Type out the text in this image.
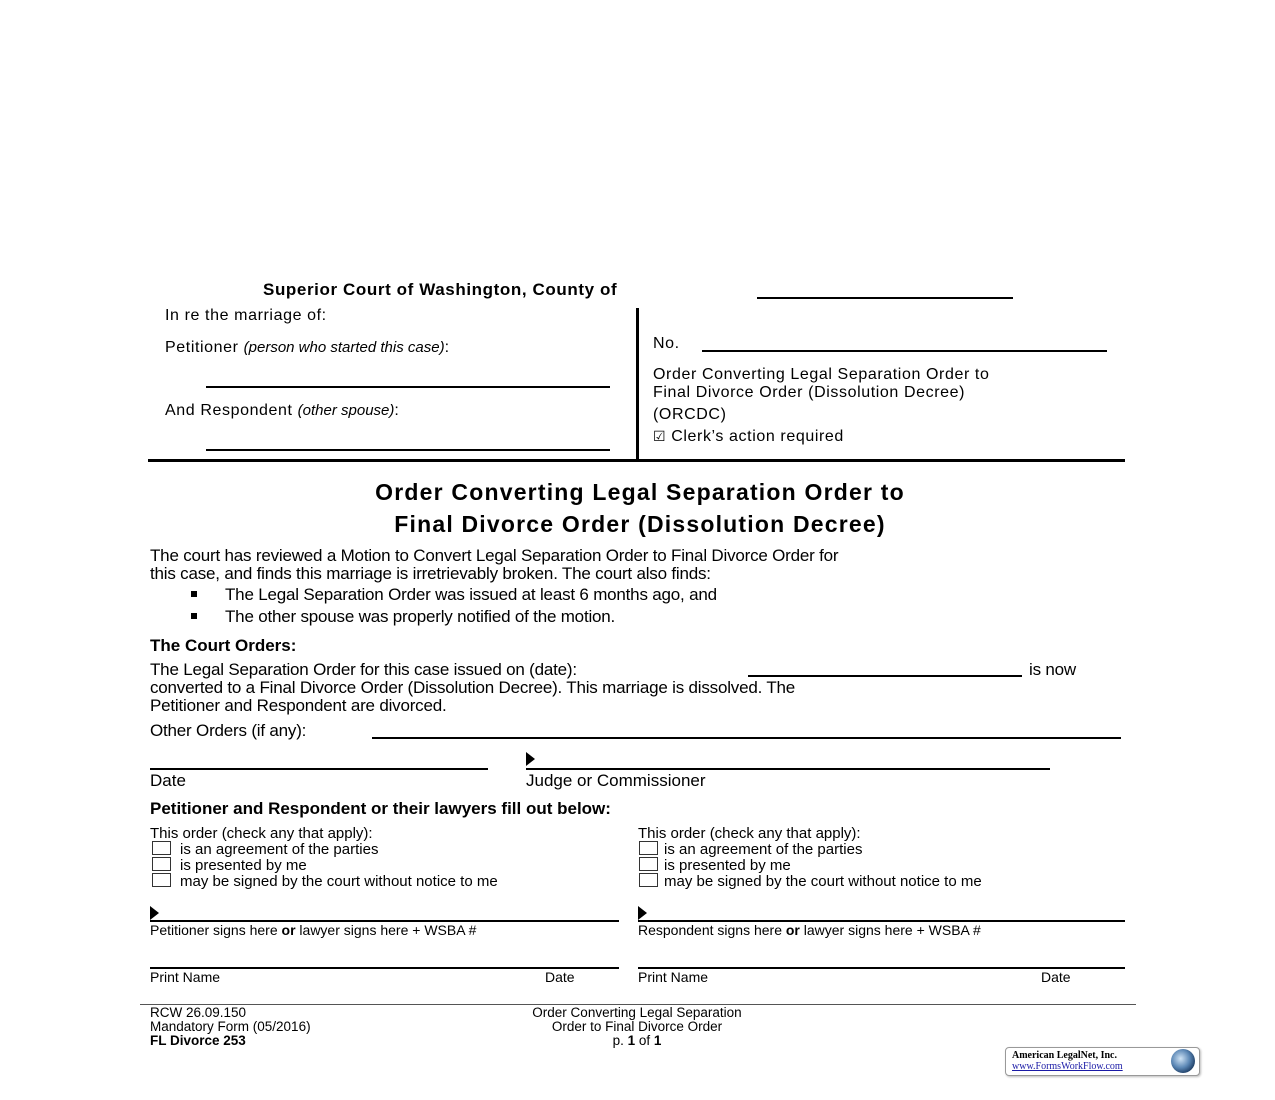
Superior Court of Washington, County of
In re the marriage of:
Petitioner (person who started this case):
And Respondent (other spouse):
No.
Order Converting Legal Separation Order to
Final Divorce Order (Dissolution Decree)
(ORCDC)
☑ Clerk’s action required
Order Converting Legal Separation Order to
Final Divorce Order (Dissolution Decree)
The court has reviewed a Motion to Convert Legal Separation Order to Final Divorce Order for
this case, and finds this marriage is irretrievably broken. The court also finds:
The Legal Separation Order was issued at least 6 months ago, and
The other spouse was properly notified of the motion.
The Court Orders:
The Legal Separation Order for this case issued on (date):	is now
converted to a Final Divorce Order (Dissolution Decree). This marriage is dissolved. The
Petitioner and Respondent are divorced.
Other Orders (if any):
Date	Judge or Commissioner
Petitioner and Respondent or their lawyers fill out below:
This order (check any that apply):
is an agreement of the parties
is presented by me
may be signed by the court without notice to me
Petitioner signs here or lawyer signs here + WSBA #
Print Name	Date
This order (check any that apply):
is an agreement of the parties
is presented by me
may be signed by the court without notice to me
Respondent signs here or lawyer signs here + WSBA #
Print Name	Date
RCW 26.09.150
Mandatory Form (05/2016)
FL Divorce 253
Order Converting Legal Separation
Order to Final Divorce Order
p. 1 of 1
American LegalNet, Inc.
www.FormsWorkFlow.com
